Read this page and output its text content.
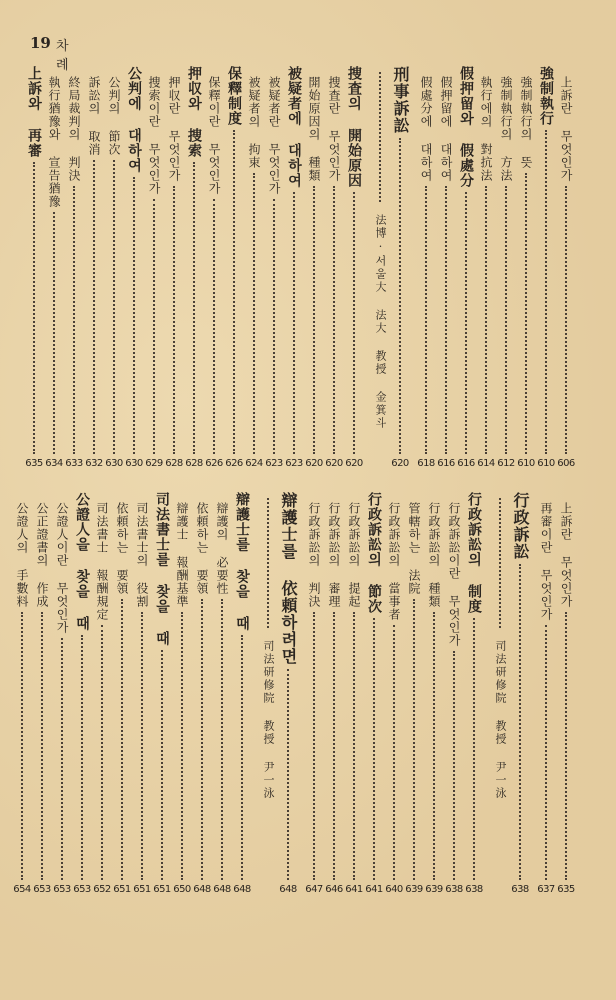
19 차 례
上訴란 무엇인가
606
強制執行
610
強制執行의 뜻
610
強制執行의 方法
612
執行에의 對抗法
614
假押留와 假處分
616
假押留에 대하여
616
假處分에 대하여
618
刑事訴訟
620
法博·서울大 法大 教授 金箕斗
捜査의 開始原因
620
捜査란 무엇인가
620
開始原因의 種類
620
被疑者에 대하여
623
被疑者란 무엇인가
623
被疑者의 拘束
624
保釋制度
626
保釋이란 무엇인가
626
押収와 捜索
628
押収란 무엇인가
628
捜索이란 무엇인가
629
公判에 대하여
630
公判의 節次
630
訴訟의 取消
632
終局裁判의 判決
633
執行猶豫와 宣告猶豫
634
上訴와 再審
635
上訴란 무엇인가
635
再審이란 무엇인가
637
行政訴訟
638
司法研修院 教授 尹一泳
行政訴訟의 制度
638
行政訴訟이란 무엇인가
638
行政訴訟의 種類
639
管轄하는 法院
639
行政訴訟의 當事者
640
行政訴訟의 節次
641
行政訴訟의 提起
641
行政訴訟의 審理
646
行政訴訟의 判決
647
辯護士를 依頼하려면
648
司法研修院 教授 尹一泳
辯護士를 찾을 때
648
辯護의 必要性
648
依頼하는 要領
648
辯護士 報酬基準
650
司法書士를 찾을 때
651
司法書士의 役割
651
依頼하는 要領
651
司法書士 報酬規定
652
公證人을 찾을 때
653
公證人이란 무엇인가
653
公正證書의 作成
653
公證人의 手數料
654
